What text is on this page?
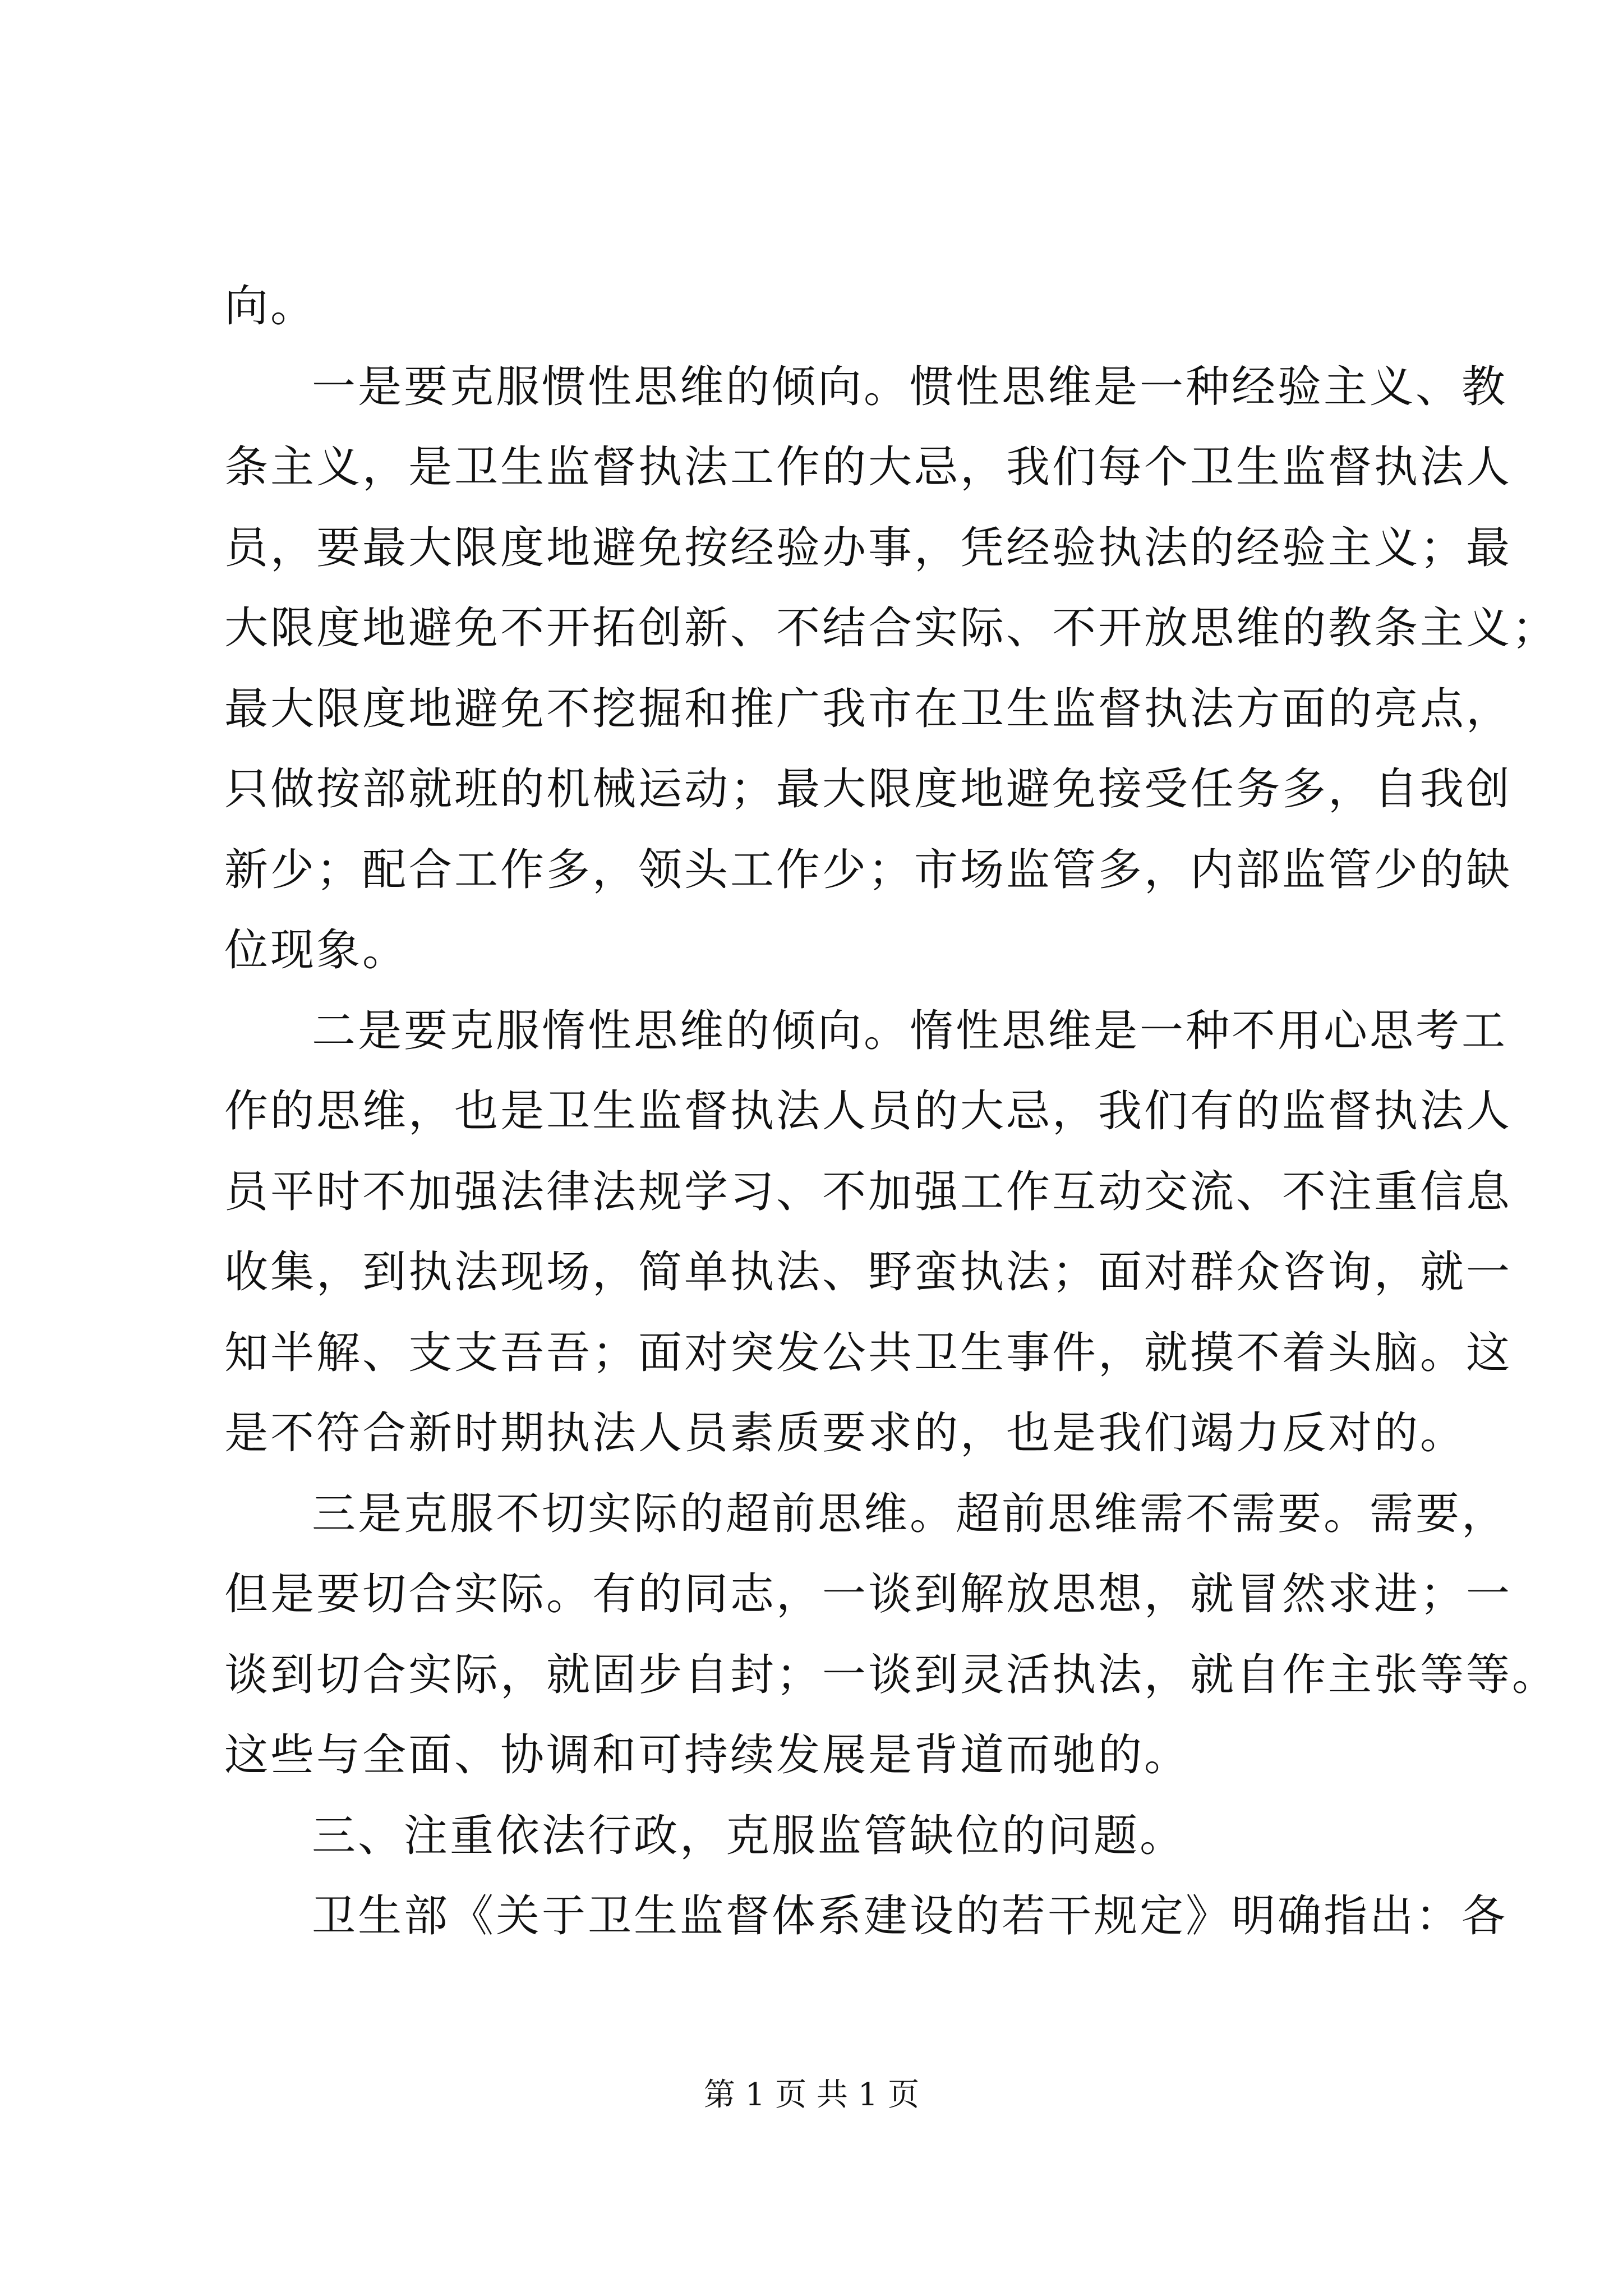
向。
一是要克服惯性思维的倾向。惯性思维是一种经验主义、教
条主义，是卫生监督执法工作的大忌，我们每个卫生监督执法人
员，要最大限度地避免按经验办事，凭经验执法的经验主义；最
大限度地避免不开拓创新、不结合实际、不开放思维的教条主义；
最大限度地避免不挖掘和推广我市在卫生监督执法方面的亮点，
只做按部就班的机械运动；最大限度地避免接受任务多，自我创
新少；配合工作多，领头工作少；市场监管多，内部监管少的缺
位现象。
二是要克服惰性思维的倾向。惰性思维是一种不用心思考工
作的思维，也是卫生监督执法人员的大忌，我们有的监督执法人
员平时不加强法律法规学习、不加强工作互动交流、不注重信息
收集，到执法现场，简单执法、野蛮执法；面对群众咨询，就一
知半解、支支吾吾；面对突发公共卫生事件，就摸不着头脑。这
是不符合新时期执法人员素质要求的，也是我们竭力反对的。
三是克服不切实际的超前思维。超前思维需不需要。需要，
但是要切合实际。有的同志，一谈到解放思想，就冒然求进；一
谈到切合实际，就固步自封；一谈到灵活执法，就自作主张等等。
这些与全面、协调和可持续发展是背道而驰的。
三、注重依法行政，克服监管缺位的问题。
卫生部《关于卫生监督体系建设的若干规定》明确指出：各
第 1 页 共 1 页
